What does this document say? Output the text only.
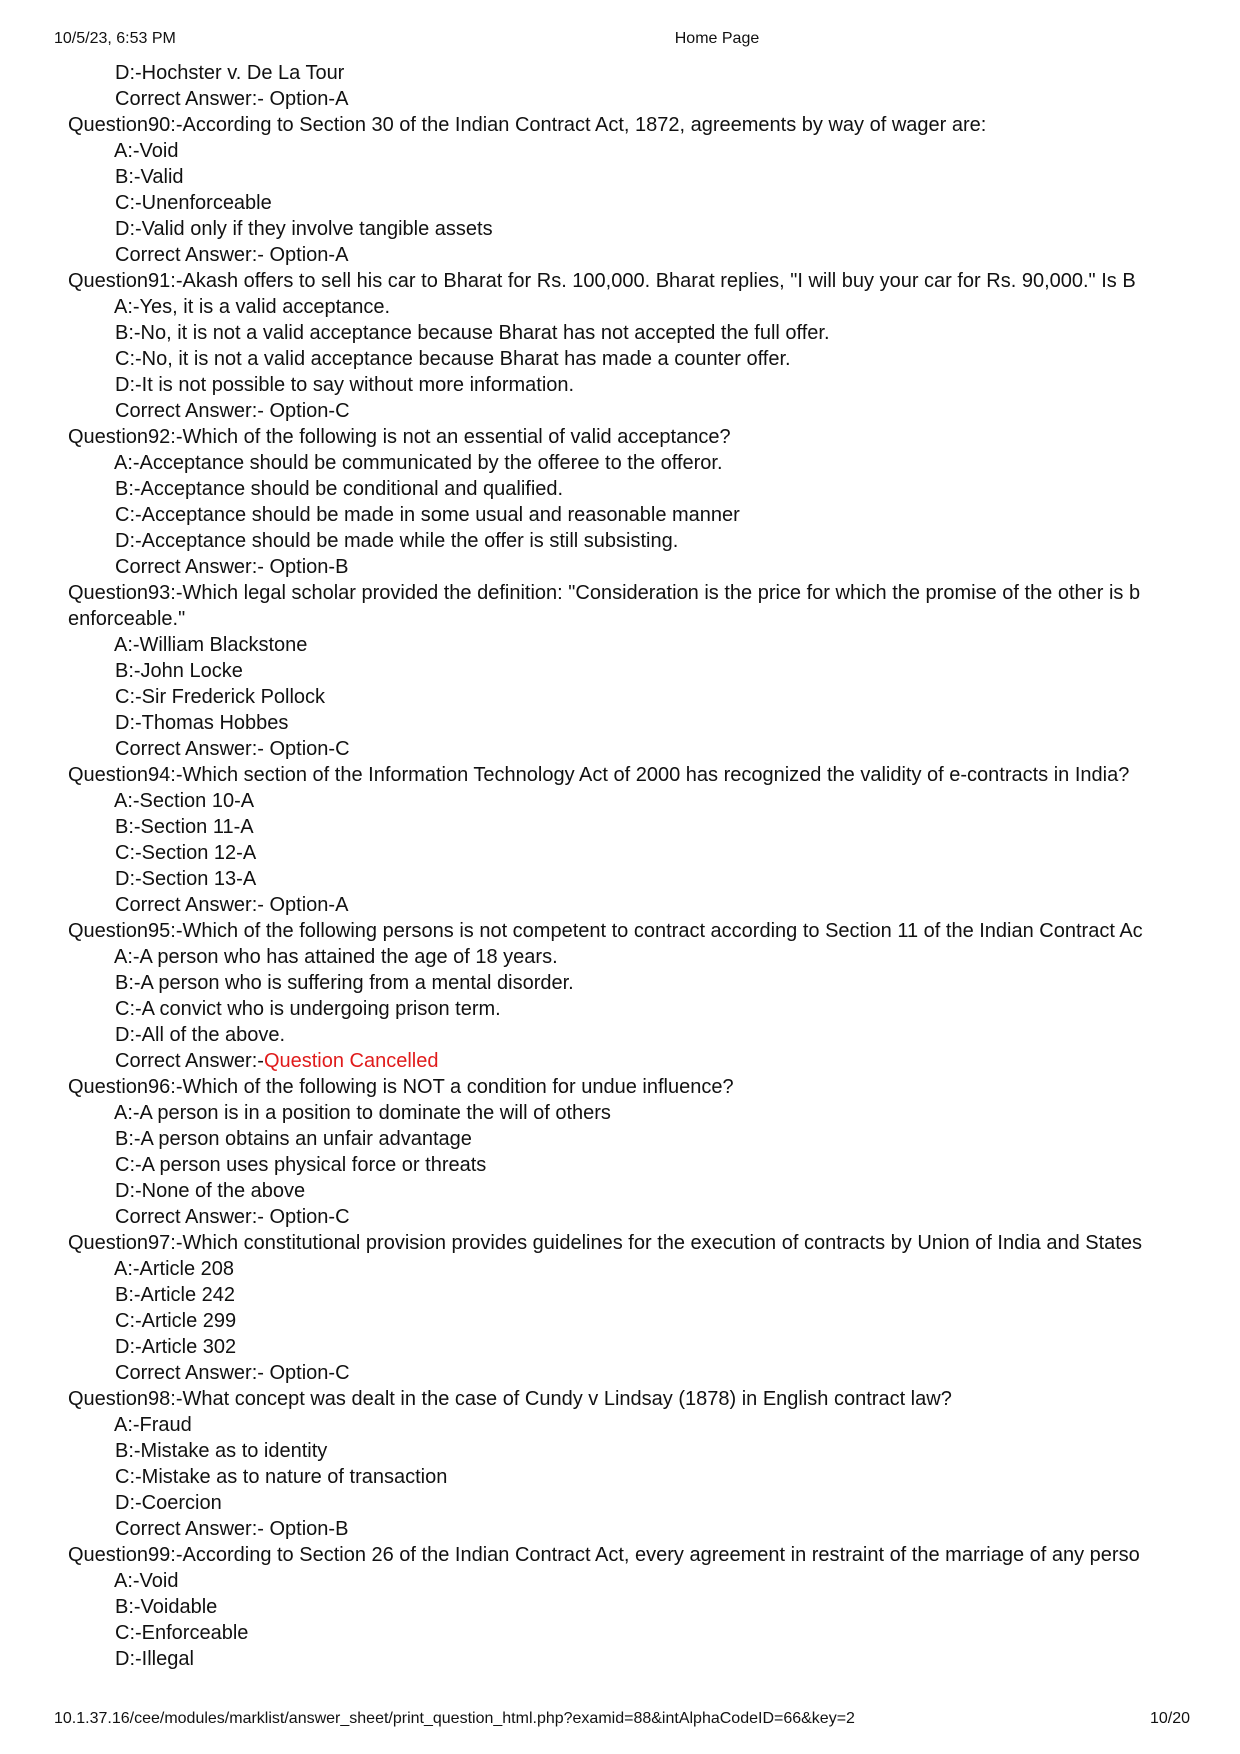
10/5/23, 6:53 PM	Home Page
D:-Hochster v. De La Tour
Correct Answer:- Option-A
Question90:-According to Section 30 of the Indian Contract Act, 1872, agreements by way of wager are:
A:-Void
B:-Valid
C:-Unenforceable
D:-Valid only if they involve tangible assets
Correct Answer:- Option-A
Question91:-Akash offers to sell his car to Bharat for Rs. 100,000. Bharat replies, "I will buy your car for Rs. 90,000." Is B
A:-Yes, it is a valid acceptance.
B:-No, it is not a valid acceptance because Bharat has not accepted the full offer.
C:-No, it is not a valid acceptance because Bharat has made a counter offer.
D:-It is not possible to say without more information.
Correct Answer:- Option-C
Question92:-Which of the following is not an essential of valid acceptance?
A:-Acceptance should be communicated by the offeree to the offeror.
B:-Acceptance should be conditional and qualified.
C:-Acceptance should be made in some usual and reasonable manner
D:-Acceptance should be made while the offer is still subsisting.
Correct Answer:- Option-B
Question93:-Which legal scholar provided the definition: "Consideration is the price for which the promise of the other is b
enforceable."
A:-William Blackstone
B:-John Locke
C:-Sir Frederick Pollock
D:-Thomas Hobbes
Correct Answer:- Option-C
Question94:-Which section of the Information Technology Act of 2000 has recognized the validity of e-contracts in India?
A:-Section 10-A
B:-Section 11-A
C:-Section 12-A
D:-Section 13-A
Correct Answer:- Option-A
Question95:-Which of the following persons is not competent to contract according to Section 11 of the Indian Contract Ac
A:-A person who has attained the age of 18 years.
B:-A person who is suffering from a mental disorder.
C:-A convict who is undergoing prison term.
D:-All of the above.
Correct Answer:-Question Cancelled
Question96:-Which of the following is NOT a condition for undue influence?
A:-A person is in a position to dominate the will of others
B:-A person obtains an unfair advantage
C:-A person uses physical force or threats
D:-None of the above
Correct Answer:- Option-C
Question97:-Which constitutional provision provides guidelines for the execution of contracts by Union of India and States
A:-Article 208
B:-Article 242
C:-Article 299
D:-Article 302
Correct Answer:- Option-C
Question98:-What concept was dealt in the case of Cundy v Lindsay (1878) in English contract law?
A:-Fraud
B:-Mistake as to identity
C:-Mistake as to nature of transaction
D:-Coercion
Correct Answer:- Option-B
Question99:-According to Section 26 of the Indian Contract Act, every agreement in restraint of the marriage of any perso
A:-Void
B:-Voidable
C:-Enforceable
D:-Illegal
10.1.37.16/cee/modules/marklist/answer_sheet/print_question_html.php?examid=88&intAlphaCodeID=66&key=2	10/20
